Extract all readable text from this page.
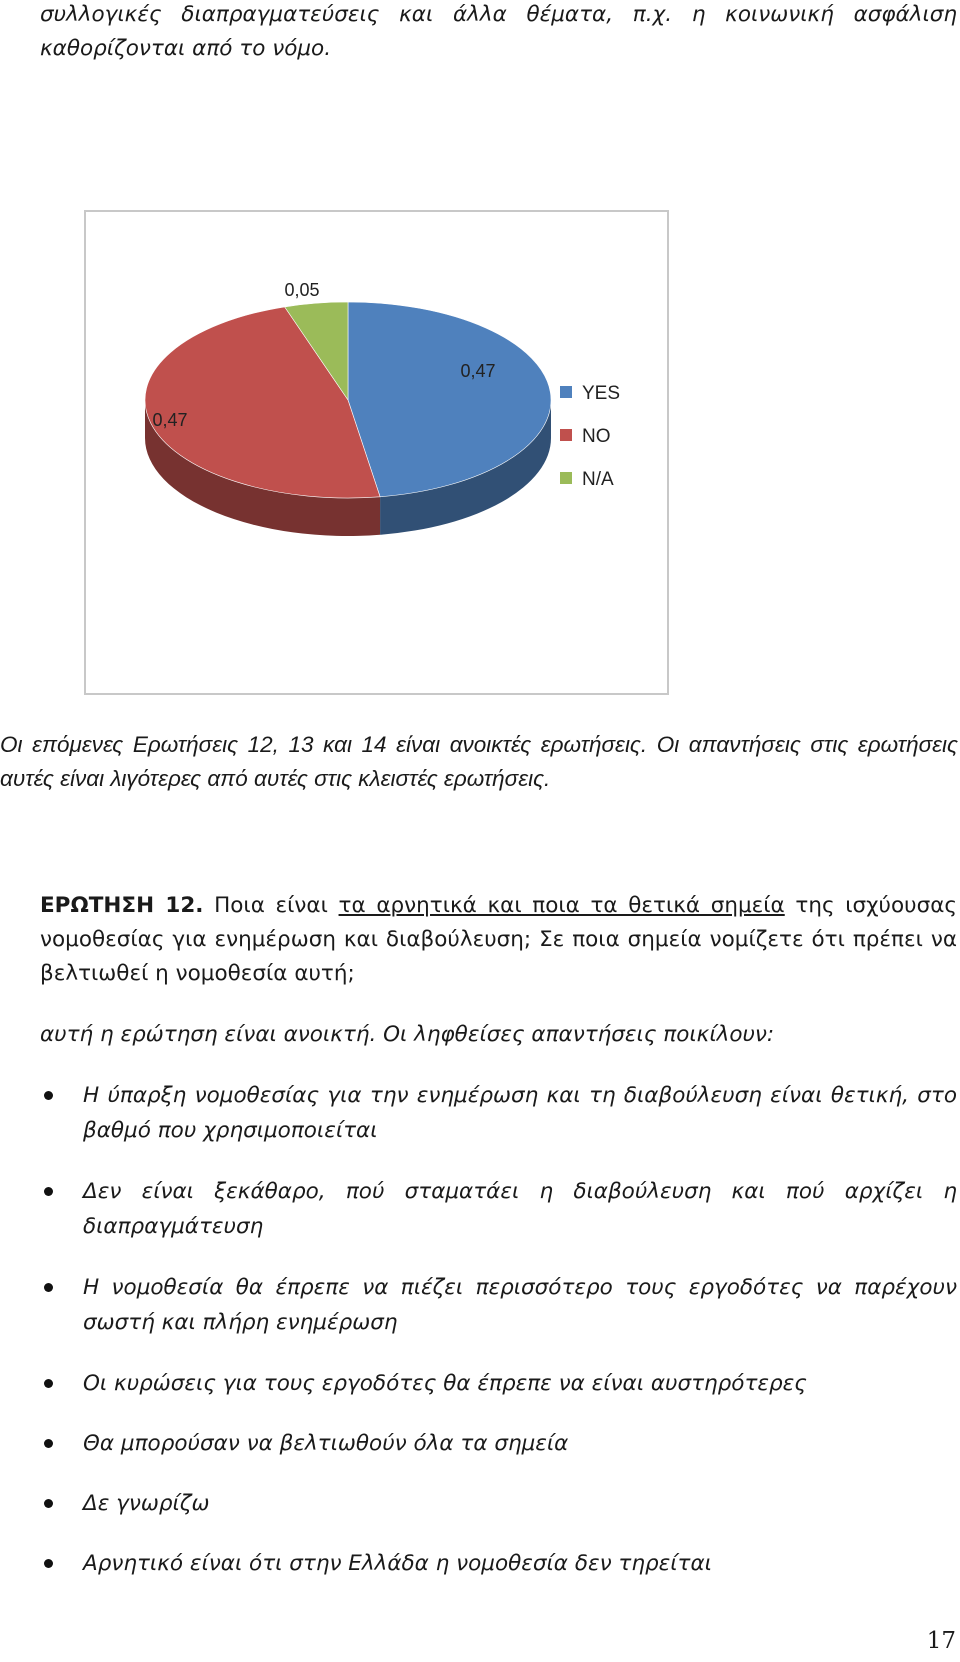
συλλογικές διαπραγματεύσεις και άλλα θέματα, π.χ. η κοινωνική ασφάλιση καθορίζονται από το νόμο.

0,47
0,47
0,05
YES
NO
N/A

Οι επόμενες Ερωτήσεις 12, 13 και 14 είναι ανοικτές ερωτήσεις. Οι απαντήσεις στις ερωτήσεις αυτές είναι λιγότερες από αυτές στις κλειστές ερωτήσεις.

ΕΡΩΤΗΣΗ 12. Ποια είναι τα αρνητικά και ποια τα θετικά σημεία της ισχύουσας νομοθεσίας για ενημέρωση και διαβούλευση; Σε ποια σημεία νομίζετε ότι πρέπει να βελτιωθεί η νομοθεσία αυτή;

αυτή η ερώτηση είναι ανοικτή. Οι ληφθείσες απαντήσεις ποικίλουν:

Η ύπαρξη νομοθεσίας για την ενημέρωση και τη διαβούλευση είναι θετική, στο βαθμό που χρησιμοποιείται

Δεν είναι ξεκάθαρο, πού σταματάει η διαβούλευση και πού αρχίζει η διαπραγμάτευση

Η νομοθεσία θα έπρεπε να πιέζει περισσότερο τους εργοδότες να παρέχουν σωστή και πλήρη ενημέρωση

Οι κυρώσεις για τους εργοδότες θα έπρεπε να είναι αυστηρότερες

Θα μπορούσαν να βελτιωθούν όλα τα σημεία

Δε γνωρίζω

Αρνητικό είναι ότι στην Ελλάδα η νομοθεσία δεν τηρείται

17
